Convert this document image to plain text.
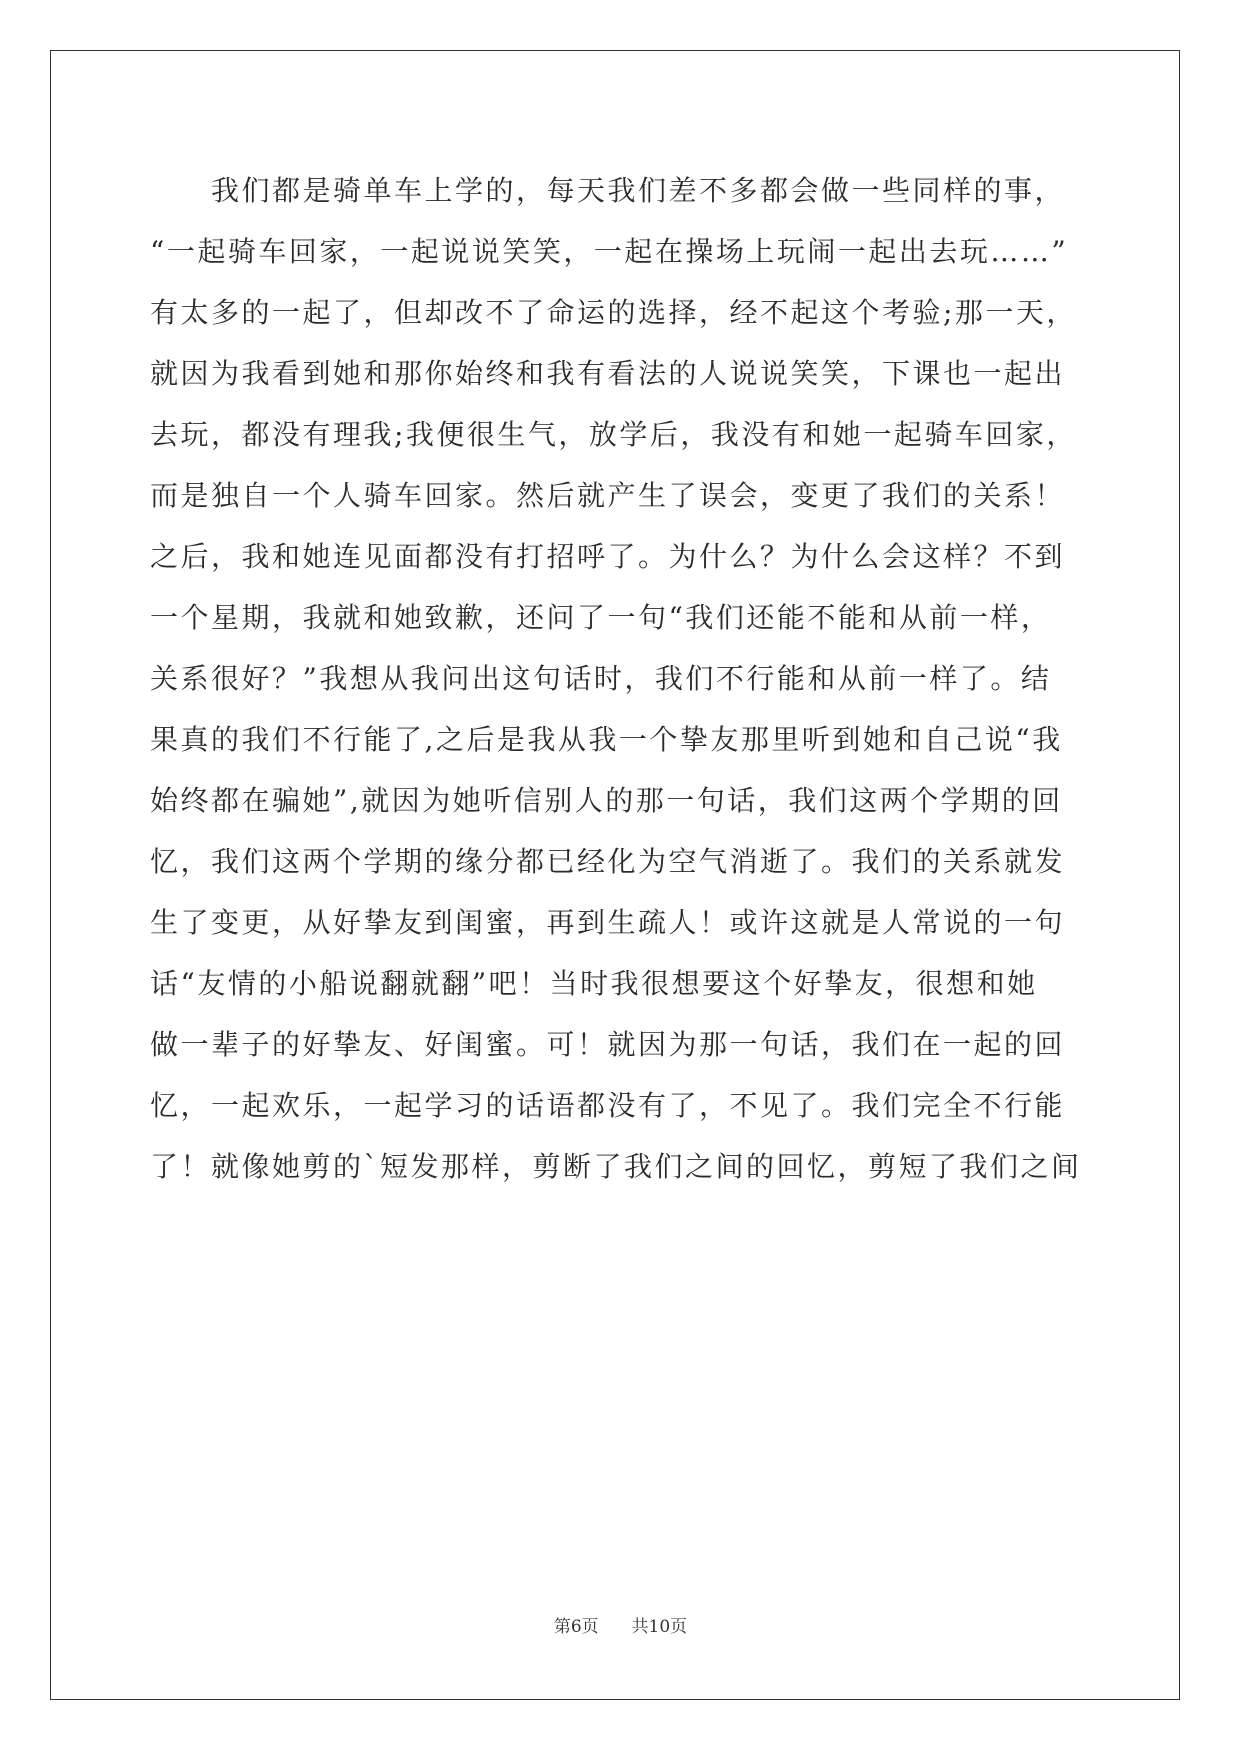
　　我们都是骑单车上学的，每天我们差不多都会做一些同样的事，
“一起骑车回家，一起说说笑笑，一起在操场上玩闹一起出去玩……”
有太多的一起了，但却改不了命运的选择，经不起这个考验;那一天，
就因为我看到她和那你始终和我有看法的人说说笑笑，下课也一起出
去玩，都没有理我;我便很生气，放学后，我没有和她一起骑车回家，
而是独自一个人骑车回家。然后就产生了误会，变更了我们的关系！
之后，我和她连见面都没有打招呼了。为什么？为什么会这样？不到
一个星期，我就和她致歉，还问了一句“我们还能不能和从前一样，
关系很好？”我想从我问出这句话时，我们不行能和从前一样了。结
果真的我们不行能了,之后是我从我一个挚友那里听到她和自己说“我
始终都在骗她”,就因为她听信别人的那一句话，我们这两个学期的回
忆，我们这两个学期的缘分都已经化为空气消逝了。我们的关系就发
生了变更，从好挚友到闺蜜，再到生疏人！或许这就是人常说的一句
话“友情的小船说翻就翻”吧！当时我很想要这个好挚友，很想和她
做一辈子的好挚友、好闺蜜。可！就因为那一句话，我们在一起的回
忆，一起欢乐，一起学习的话语都没有了，不见了。我们完全不行能
了！就像她剪的`短发那样，剪断了我们之间的回忆，剪短了我们之间
第6页 共10页
